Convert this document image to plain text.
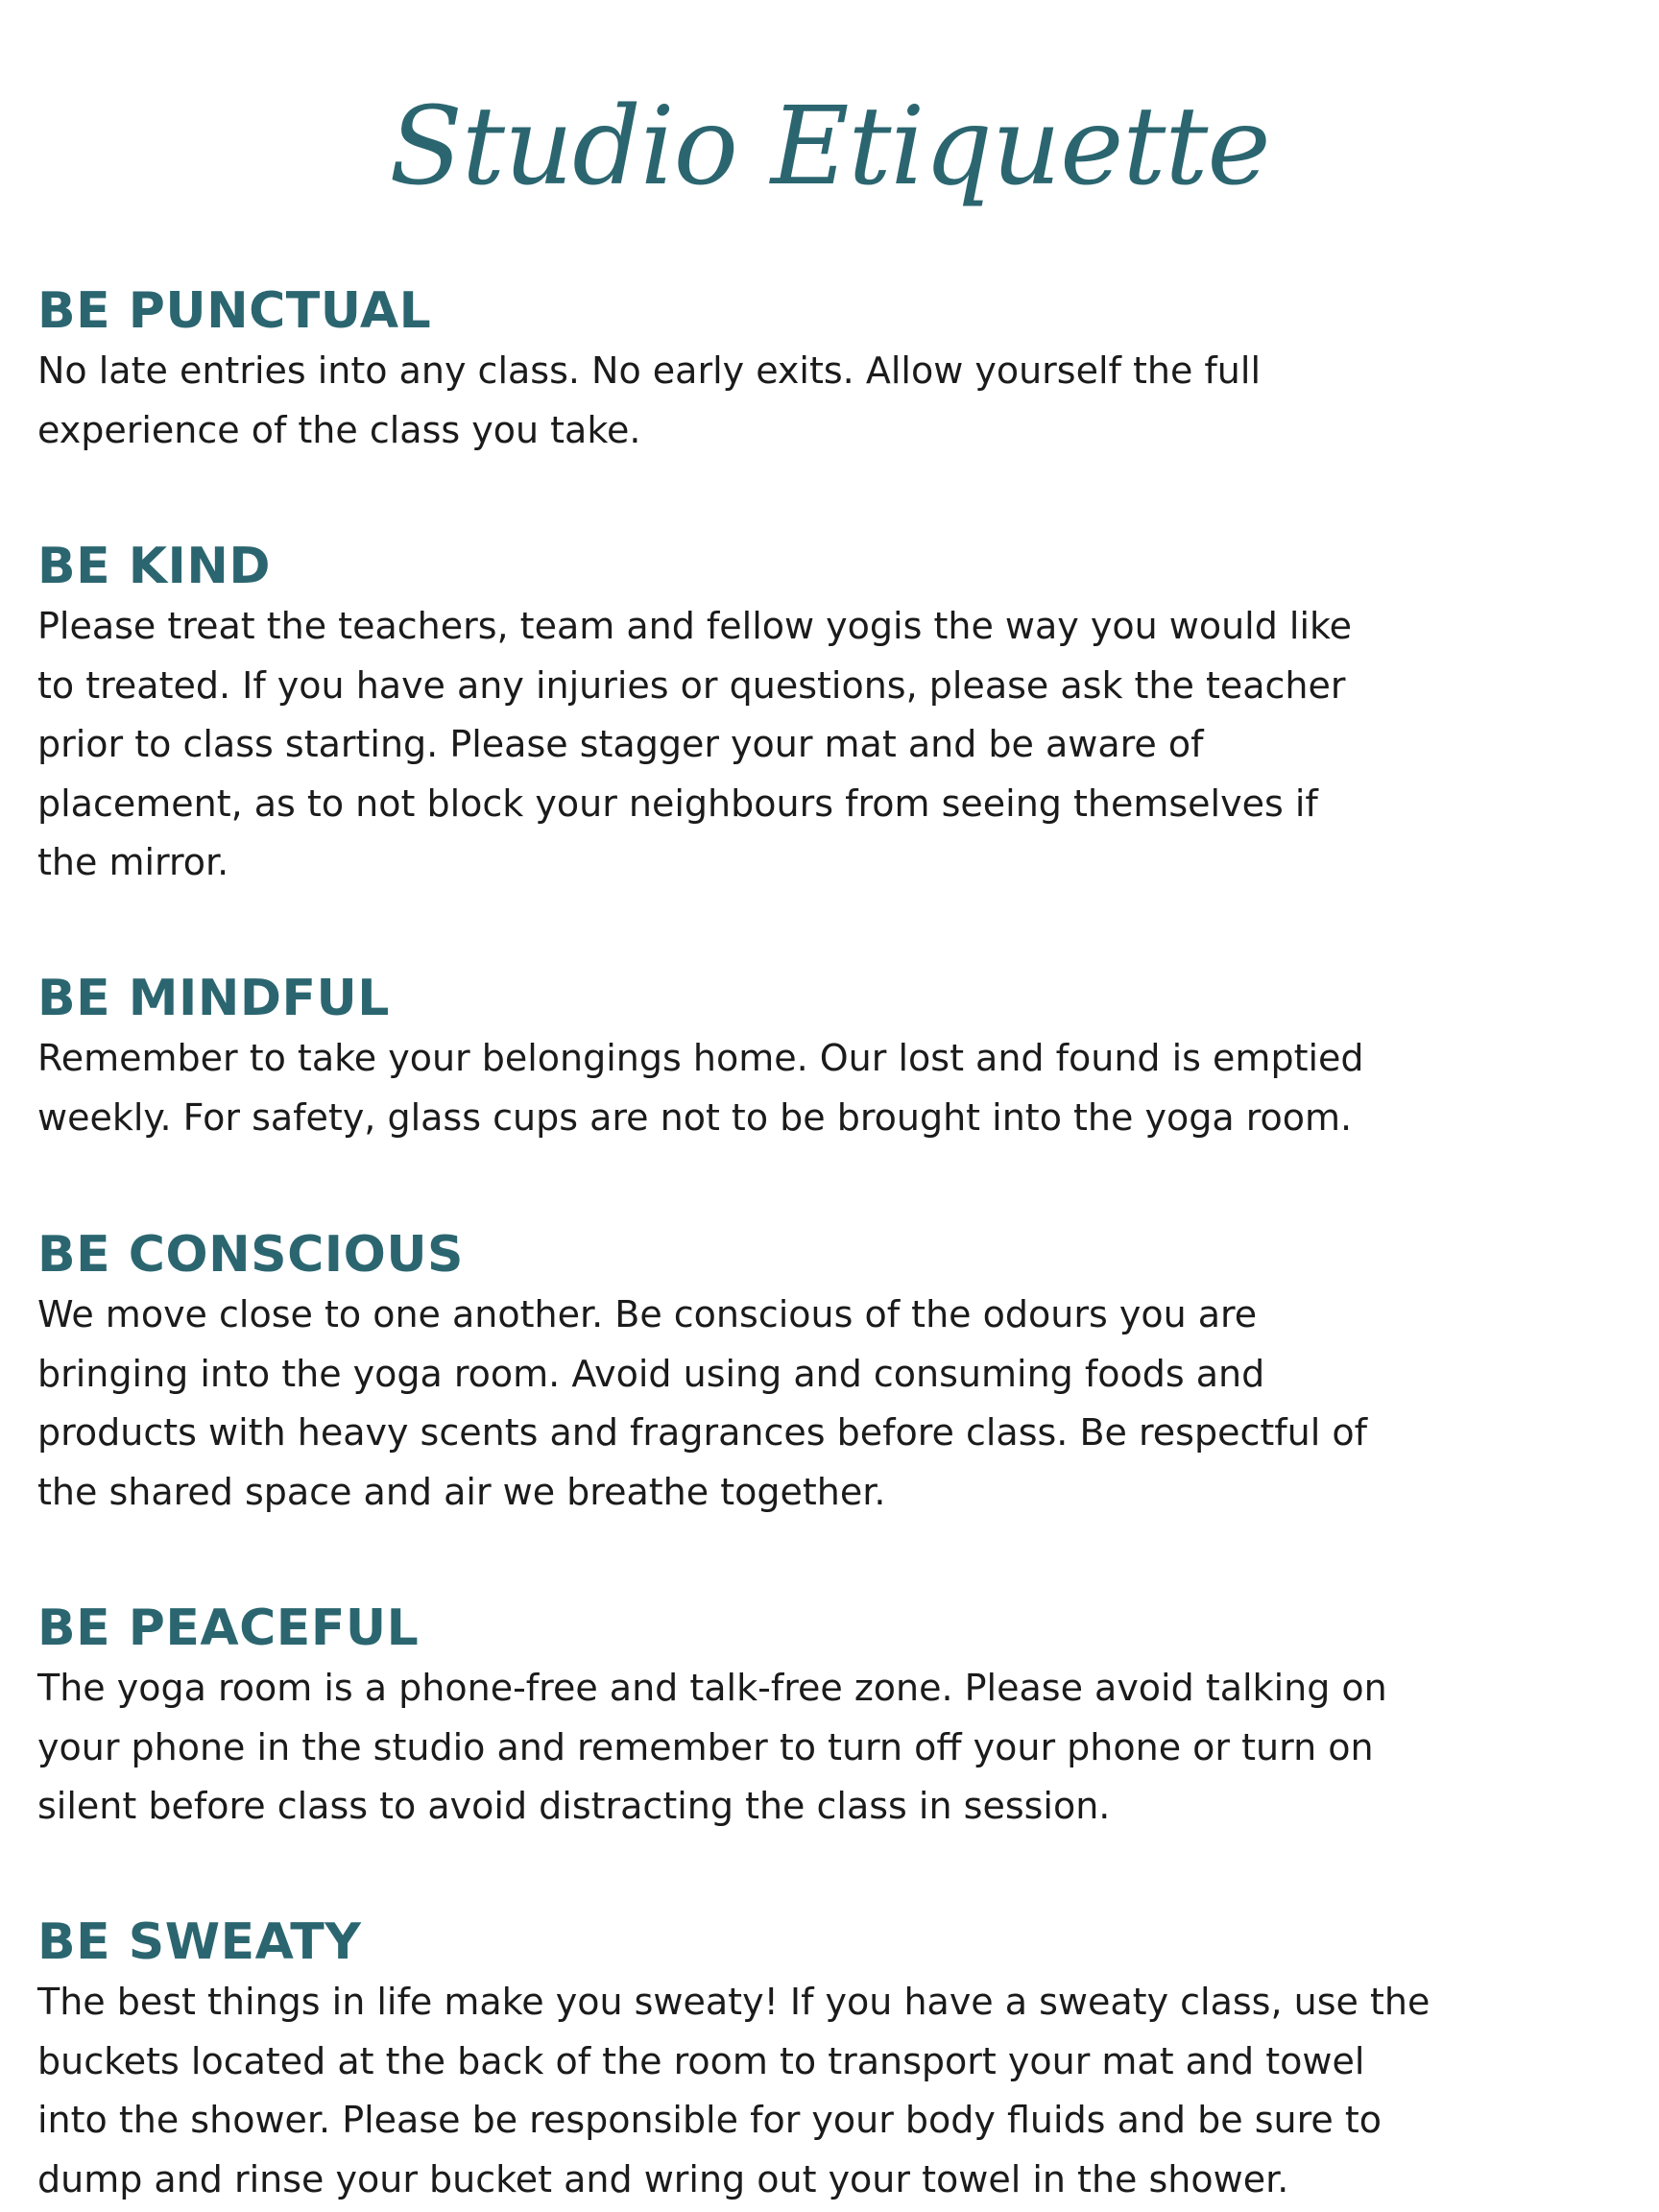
Studio Etiquette
BE PUNCTUAL

No late entries into any class. No early exits. Allow yourself the full
experience of the class you take.

BE KIND

Please treat the teachers, team and fellow yogis the way you would like
to treated. If you have any injuries or questions, please ask the teacher
prior to class starting. Please stagger your mat and be aware of
placement, as to not block your neighbours from seeing themselves if
the mirror.

BE MINDFUL

Remember to take your belongings home. Our lost and found is emptied
weekly. For safety, glass cups are not to be brought into the yoga room.

BE CONSCIOUS

We move close to one another. Be conscious of the odours you are
bringing into the yoga room. Avoid using and consuming foods and
products with heavy scents and fragrances before class. Be respectful of
the shared space and air we breathe together.

BE PEACEFUL

The yoga room is a phone-free and talk-free zone. Please avoid talking on
your phone in the studio and remember to turn off your phone or turn on
silent before class to avoid distracting the class in session.

BE SWEATY

The best things in life make you sweaty! If you have a sweaty class, use the
buckets located at the back of the room to transport your mat and towel
into the shower. Please be responsible for your body fluids and be sure to
dump and rinse your bucket and wring out your towel in the shower.
